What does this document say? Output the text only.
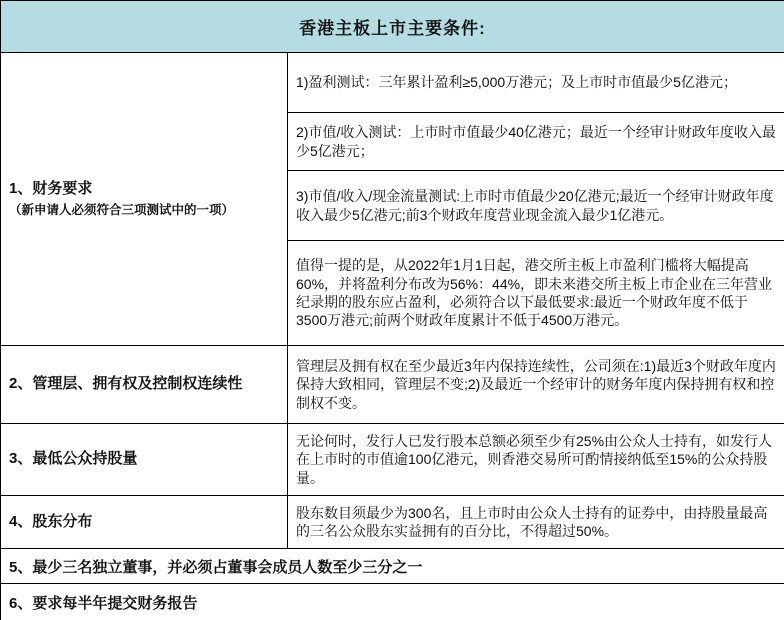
香港主板上市主要条件:	

1、财务要求
（新申请人必须符合三项测试中的一项）	1)盈利测试：三年累计盈利≥5,000万港元；及上市时市值最少5亿港元；
	2)市值/收入测试：上市时市值最少40亿港元；最近一个经审计财政年度收入最少5亿港元；
	3)市值/收入/现金流量测试:上市时市值最少20亿港元;最近一个经审计财政年度收入最少5亿港元;前3个财政年度营业现金流入最少1亿港元。
	值得一提的是，从2022年1月1日起，港交所主板上市盈利门槛将大幅提高60%，并将盈利分布改为56%：44%，即未来港交所主板上市企业在三年营业纪录期的股东应占盈利，必须符合以下最低要求:最近一个财政年度不低于3500万港元;前两个财政年度累计不低于4500万港元。
2、管理层、拥有权及控制权连续性	管理层及拥有权在至少最近3年内保持连续性，公司须在:1)最近3个财政年度内保持大致相同，管理层不变;2)及最近一个经审计的财务年度内保持拥有权和控制权不变。
3、最低公众持股量	无论何时，发行人已发行股本总额必须至少有25%由公众人士持有，如发行人在上市时的市值逾100亿港元，则香港交易所可酌情接纳低至15%的公众持股量。
4、股东分布	股东数目须最少为300名，且上市时由公众人士持有的证券中，由持股量最高的三名公众股东实益拥有的百分比，不得超过50%。
5、最少三名独立董事，并必须占董事会成员人数至少三分之一	
6、要求每半年提交财务报告	
